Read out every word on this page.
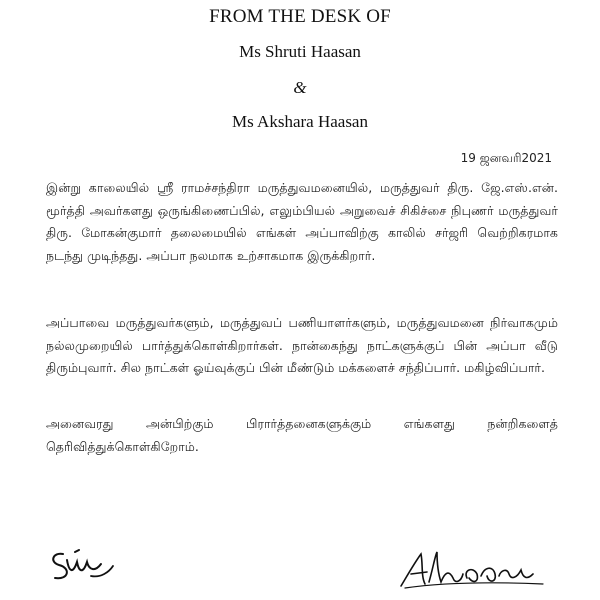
FROM THE DESK OF
Ms Shruti Haasan
&
Ms Akshara Haasan
19 ஜனவரி2021
இன்று காலையில் ஸ்ரீ ராமச்சந்திரா மருத்துவமனையில், மருத்துவர் திரு. ஜே.எஸ்.என். மூர்த்தி அவர்களது ஒருங்கிணைப்பில், எலும்பியல் அறுவைச் சிகிச்சை நிபுணர் மருத்துவர் திரு. மோகன்குமார் தலைமையில் எங்கள் அப்பாவிற்கு காலில் சர்ஜரி வெற்றிகரமாக நடந்து முடிந்தது. அப்பா நலமாக உற்சாகமாக இருக்கிறார்.
அப்பாவை மருத்துவர்களும், மருத்துவப் பணியாளர்களும், மருத்துவமனை நிர்வாகமும் நல்லமுறையில் பார்த்துக்கொள்கிறார்கள். நான்கைந்து நாட்களுக்குப் பின் அப்பா வீடு திரும்புவார். சில நாட்கள் ஓய்வுக்குப் பின் மீண்டும் மக்களைச் சந்திப்பார். மகிழ்விப்பார்.
அனைவரது அன்பிற்கும் பிரார்த்தனைகளுக்கும் எங்களது நன்றிகளைத் தெரிவித்துக்கொள்கிறோம்.
